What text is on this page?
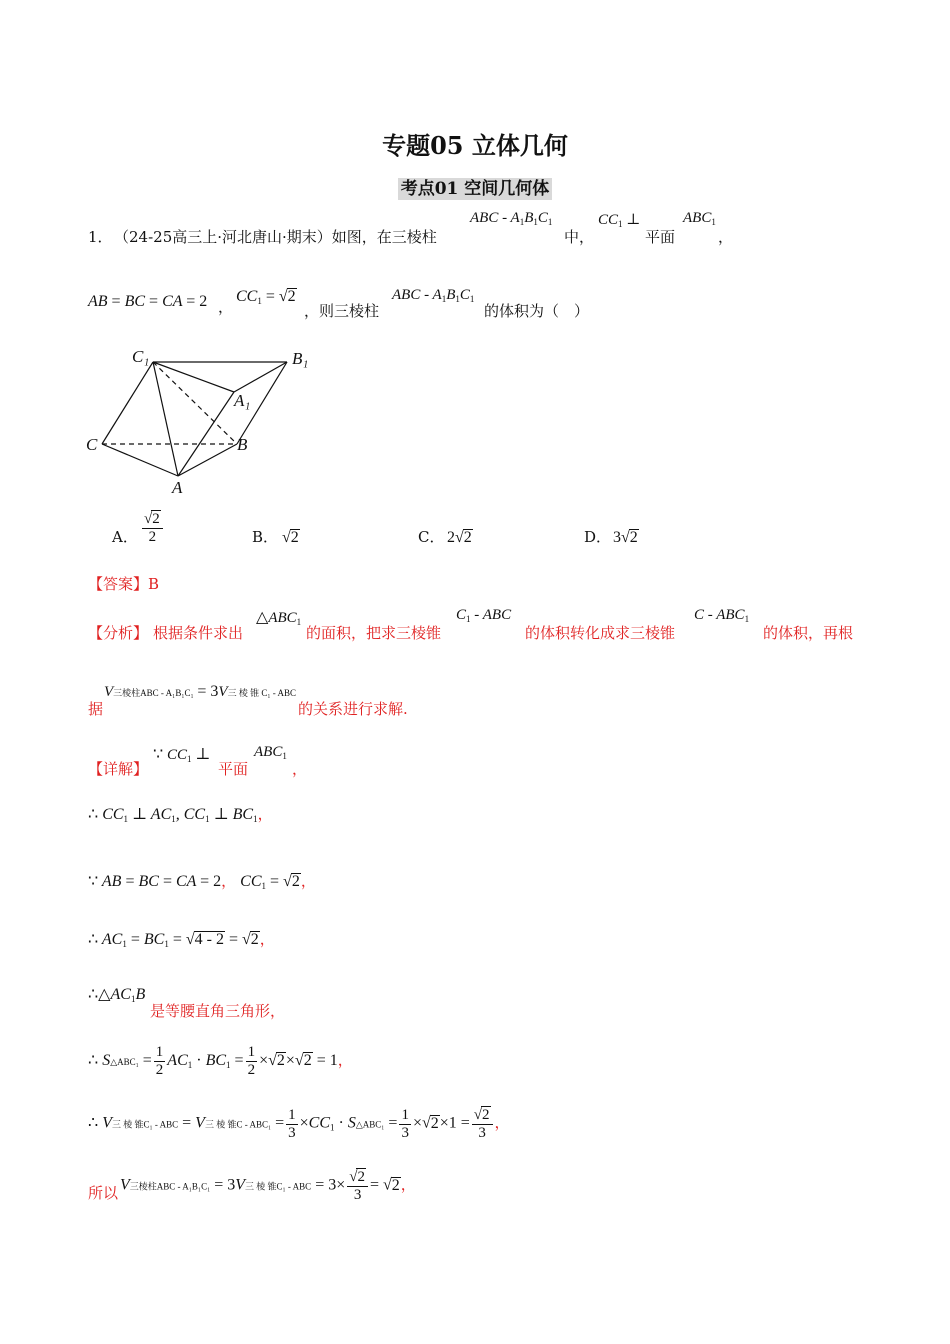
专题05 立体几何
考点01 空间几何体
1． （24-25高三上·河北唐山·期末）如图，在三棱柱
ABC - $A_1B_1C_1$
中，
$CC_1$ ⊥
平面
$ABC_1$
，
AB = BC = CA = 2 ，
$CC_1 = √2$
，则三棱柱
ABC - $A_1B_1C_1$
的体积为（　）
C₁	B₁
A₁
C	B
A
A． $\frac{√2}{2}$	B． √2	C． 2√2	D． 3√2
【答案】B
【分析】 根据条件求出
$\triangle ABC_1$
的面积，把求三棱锥
$C_1$ - ABC
的体积转化成求三棱锥
C - $ABC_1$
的体积，再根
据
V三棱柱ABC - A₁B₁C₁ = 3V三 棱 锥 C₁ - ABC
的关系进行求解.
【详解】
∵ $CC_1$ ⊥
平面
$ABC_1$
，
∴ $CC_1$ ⊥ $AC_1$, $CC_1$ ⊥ $BC_1$，
∵ AB = BC = CA = 2， $CC_1 = √2$，
∴ $AC_1 = BC_1 = √4 - 2 = √2$，
$\therefore\triangle AC_1B$
是等腰直角三角形，
∴ S△ABC₁ = $\frac{1}{2} AC_1 \cdot BC_1 = \frac{1}{2} \times√2\times√2 = 1$，
∴ V三 棱 锥C₁ - ABC = V三 棱 锥$C - ABC_1 = \frac{1}{3} \times CC_1$ · S△ABC₁ = $\frac{1}{3} \times√2\times 1 = \frac{√2}{3}$ ，
所以 V三棱柱ABC - A₁B₁C₁ = 3V三 棱 锥C₁ - ABC = $3\times \frac{√2}{3} = √2$，
